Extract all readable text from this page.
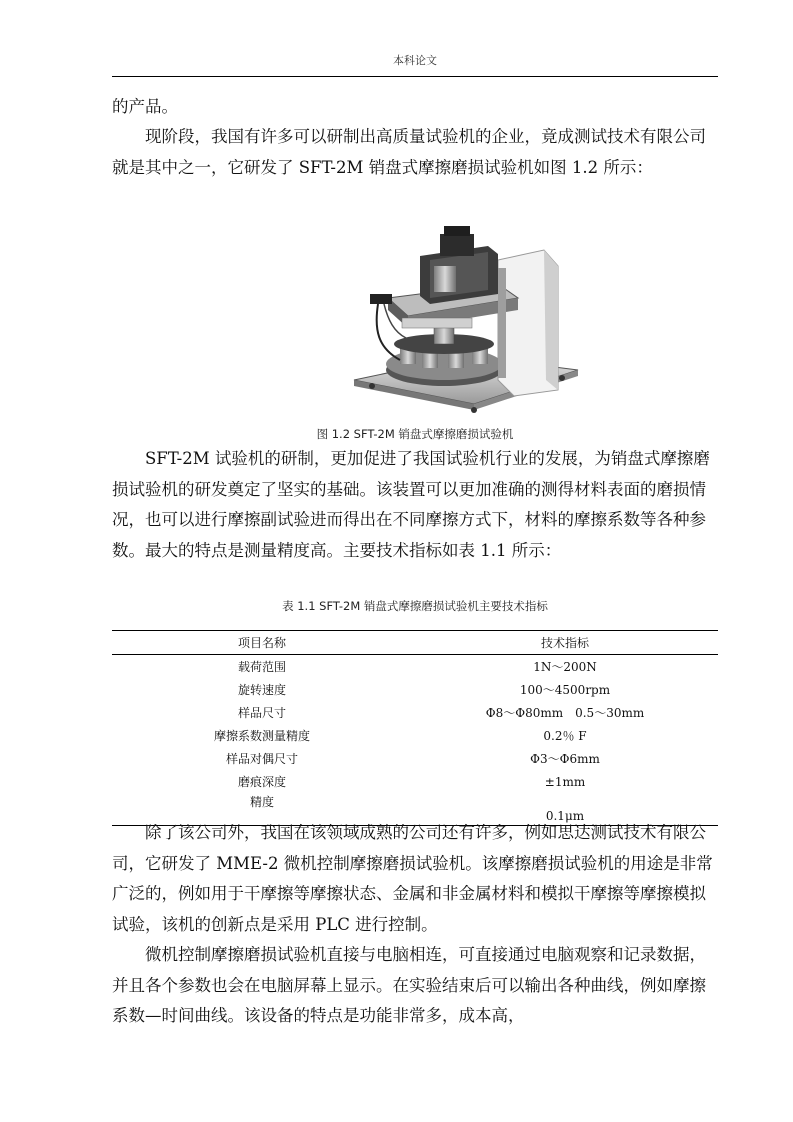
本科论文

的产品。

现阶段，我国有许多可以研制出高质量试验机的企业，竟成测试技术有限公司就是其中之一，它研发了 SFT-2M 销盘式摩擦磨损试验机如图 1.2 所示：

图 1.2 SFT-2M 销盘式摩擦磨损试验机

SFT-2M 试验机的研制，更加促进了我国试验机行业的发展，为销盘式摩擦磨损试验机的研发奠定了坚实的基础。该装置可以更加准确的测得材料表面的磨损情况，也可以进行摩擦副试验进而得出在不同摩擦方式下，材料的摩擦系数等各种参数。最大的特点是测量精度高。主要技术指标如表 1.1 所示：

表 1.1 SFT-2M 销盘式摩擦磨损试验机主要技术指标
项目名称	技术指标
载荷范围	1N～200N
旋转速度	100～4500rpm
样品尺寸	Φ8～Φ80mm　0.5～30mm
摩擦系数测量精度	0.2％ F
样品对偶尺寸	Φ3～Φ6mm
磨痕深度	±1mm
精度	0.1μm

除了该公司外，我国在该领域成熟的公司还有许多，例如思达测试技术有限公司，它研发了 MME-2 微机控制摩擦磨损试验机。该摩擦磨损试验机的用途是非常广泛的，例如用于干摩擦等摩擦状态、金属和非金属材料和模拟干摩擦等摩擦模拟试验，该机的创新点是采用 PLC 进行控制。

微机控制摩擦磨损试验机直接与电脑相连，可直接通过电脑观察和记录数据，并且各个参数也会在电脑屏幕上显示。在实验结束后可以输出各种曲线，例如摩擦系数—时间曲线。该设备的特点是功能非常多，成本高，
